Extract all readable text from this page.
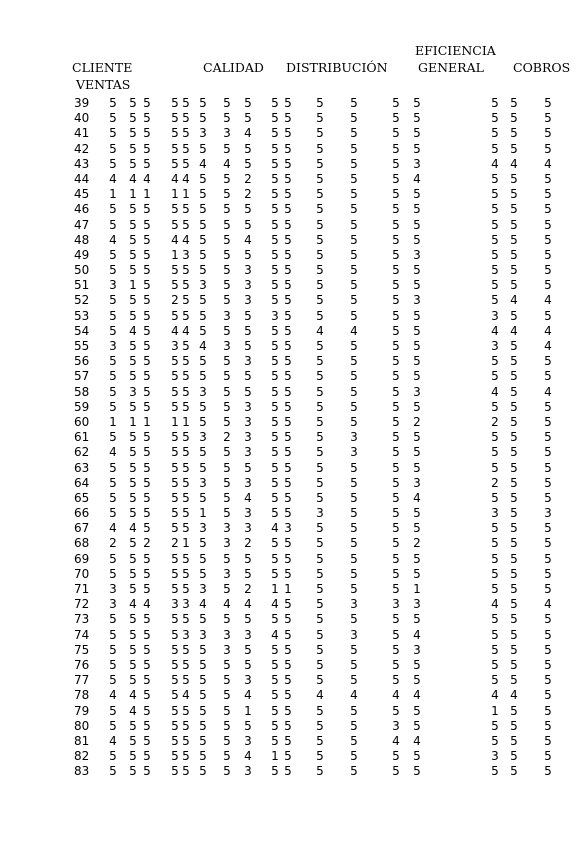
EFICIENCIA
CLIENTE	CALIDAD DISTRIBUCIÓN GENERAL COBROS
VENTAS
39	5 5 5 5 5 5 5 5 5 5 5 5	5 5	5 5 5
40	5 5 5 5 5 5 5 5 5 5 5 5	5 5	5 5 5
41	5 5 5 5 5 3 3 4 5 5 5 5	5 5	5 5 5
42	5 5 5 5 5 5 5 5 5 5 5 5	5 5	5 5 5
43	5 5 5 5 5 4 4 5 5 5 5 5	5 3	4 4 4
44	4 4 4 4 4 5 5 2 5 5 5 5	5 4	5 5 5
45	1 1 1 1 1 5 5 2 5 5 5 5	5 5	5 5 5
46	5 5 5 5 5 5 5 5 5 5 5 5	5 5	5 5 5
47	5 5 5 5 5 5 5 5 5 5 5 5	5 5	5 5 5
48	4 5 5 4 4 5 5 4 5 5 5 5	5 5	5 5 5
49	5 5 5 1 3 5 5 5 5 5 5 5	5 3	5 5 5
50	5 5 5 5 5 5 5 3 5 5 5 5	5 5	5 5 5
51	3 1 5 5 5 3 5 3 5 5 5 5	5 5	5 5 5
52	5 5 5 2 5 5 5 3 5 5 5 5	5 3	5 4 4
53	5 5 5 5 5 5 3 5 3 5 5 5	5 5	3 5 5
54	5 4 5 4 4 5 5 5 5 5 4 4	5 5	4 4 4
55	3 5 5 3 5 4 3 5 5 5 5 5	5 5	3 5 4
56	5 5 5 5 5 5 5 3 5 5 5 5	5 5	5 5 5
57	5 5 5 5 5 5 5 5 5 5 5 5	5 5	5 5 5
58	5 3 5 5 5 3 5 5 5 5 5 5	5 3	4 5 4
59	5 5 5 5 5 5 5 3 5 5 5 5	5 5	5 5 5
60	1 1 1 1 1 5 5 3 5 5 5 5	5 2	2 5 5
61	5 5 5 5 5 3 2 3 5 5 5 3	5 5	5 5 5
62	4 5 5 5 5 5 5 3 5 5 5 3	5 5	5 5 5
63	5 5 5 5 5 5 5 5 5 5 5 5	5 5	5 5 5
64	5 5 5 5 5 3 5 3 5 5 5 5	5 3	2 5 5
65	5 5 5 5 5 5 5 4 5 5 5 5	5 4	5 5 5
66	5 5 5 5 5 1 5 3 5 5 3 5	5 5	3 5 3
67	4 4 5 5 5 3 3 3 4 3 5 5	5 5	5 5 5
68	2 5 2 2 1 5 3 2 5 5 5 5	5 2	5 5 5
69	5 5 5 5 5 5 5 5 5 5 5 5	5 5	5 5 5
70	5 5 5 5 5 5 3 5 5 5 5 5	5 5	5 5 5
71	3 5 5 5 5 3 5 2 1 1 5 5	5 1	5 5 5
72	3 4 4 3 3 4 4 4 4 5 5 3	3 3	4 5 4
73	5 5 5 5 5 5 5 5 5 5 5 5	5 5	5 5 5
74	5 5 5 5 3 3 3 3 4 5 5 3	5 4	5 5 5
75	5 5 5 5 5 5 3 5 5 5 5 5	5 3	5 5 5
76	5 5 5 5 5 5 5 5 5 5 5 5	5 5	5 5 5
77	5 5 5 5 5 5 5 3 5 5 5 5	5 5	5 5 5
78	4 4 5 5 4 5 5 4 5 5 4 4	4 4	4 4 5
79	5 4 5 5 5 5 5 1 5 5 5 5	5 5	1 5 5
80	5 5 5 5 5 5 5 5 5 5 5 5	3 5	5 5 5
81	4 5 5 5 5 5 5 3 5 5 5 5	4 4	5 5 5
82	5 5 5 5 5 5 5 4 1 5 5 5	5 5	3 5 5
83	5 5 5 5 5 5 5 3 5 5 5 5	5 5	5 5 5
